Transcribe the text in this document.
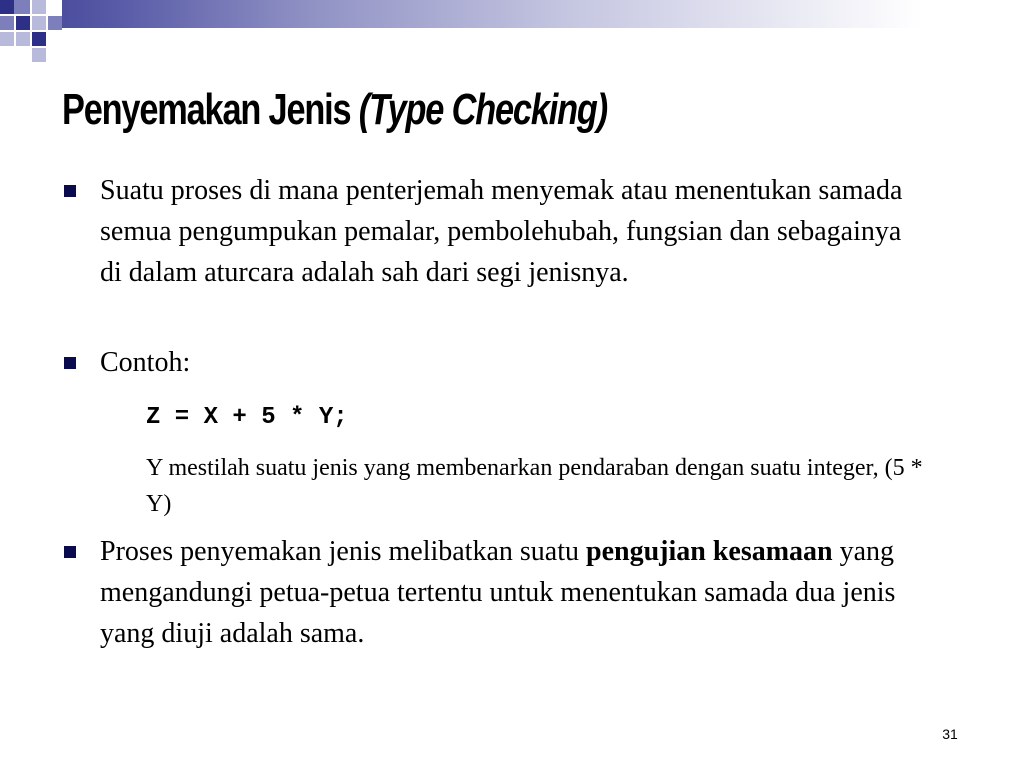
Penyemakan Jenis (Type Checking)

Suatu proses di mana penterjemah menyemak atau menentukan samada semua pengumpukan pemalar, pembolehubah, fungsian dan sebagainya di dalam aturcara adalah sah dari segi jenisnya.

Contoh:

Z = X + 5 * Y;

Y mestilah suatu jenis yang membenarkan pendaraban dengan suatu integer, (5 * Y)

Proses penyemakan jenis melibatkan suatu pengujian kesamaan yang mengandungi petua-petua tertentu untuk menentukan samada dua jenis yang diuji adalah sama.

31
